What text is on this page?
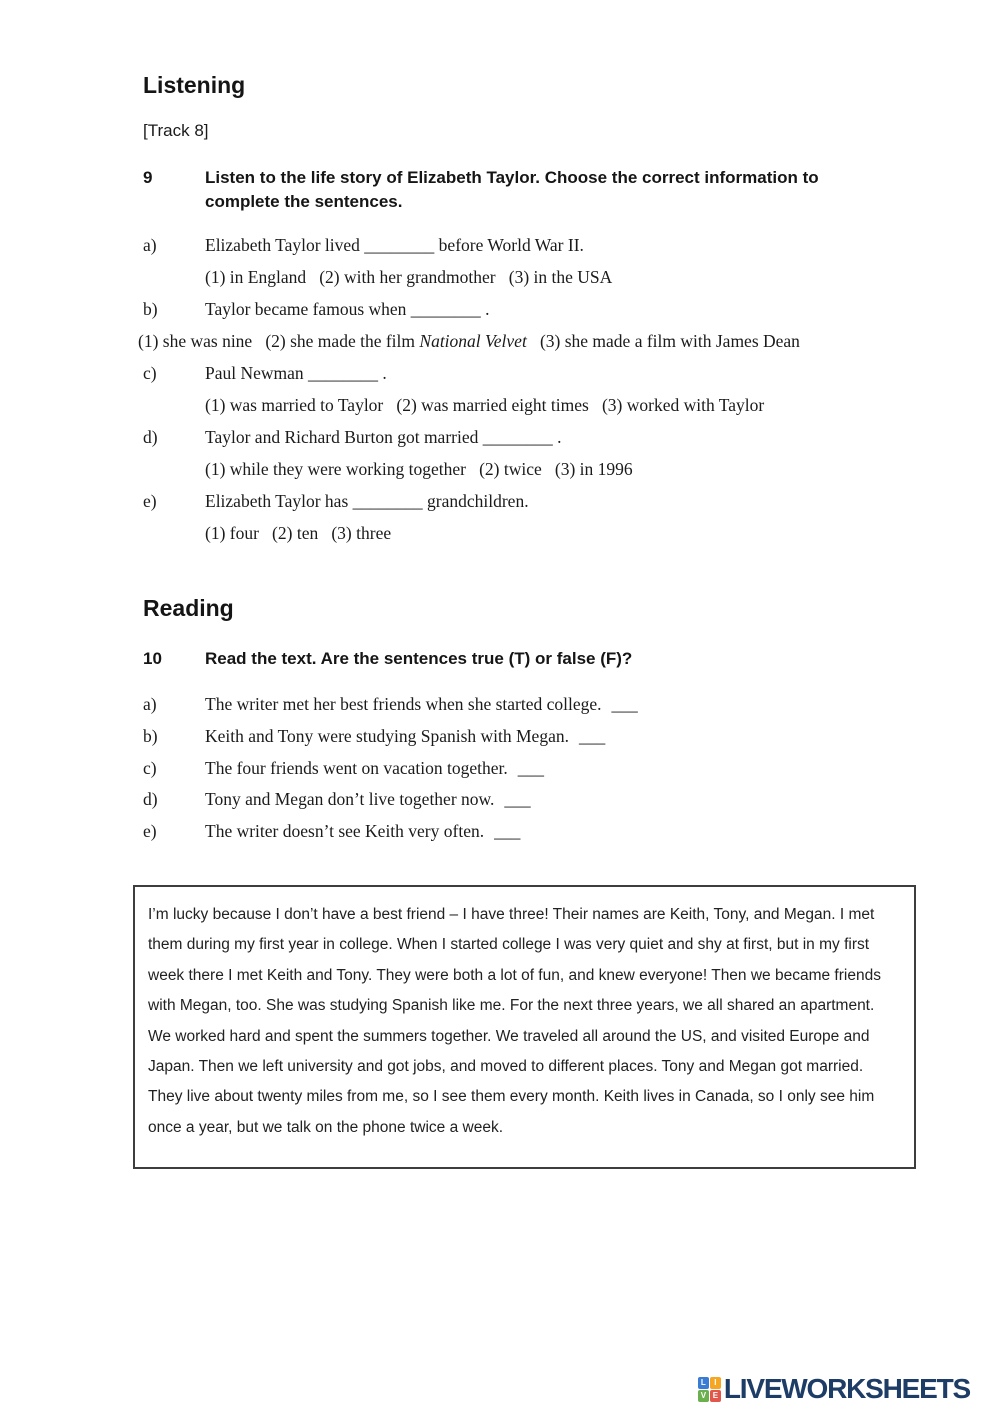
Listening
[Track 8]
9	Listen to the life story of Elizabeth Taylor. Choose the correct information to complete the sentences.
a)	Elizabeth Taylor lived ________ before World War II.
(1) in England   (2) with her grandmother   (3) in the USA
b)	Taylor became famous when ________ .
(1) she was nine   (2) she made the film National Velvet (3) she made a film with James Dean
c)	Paul Newman ________ .
(1) was married to Taylor   (2) was married eight times   (3) worked with Taylor
d)	Taylor and Richard Burton got married ________ .
(1) while they were working together   (2) twice   (3) in 1996
e)	Elizabeth Taylor has ________ grandchildren.
(1) four   (2) ten   (3) three
Reading
10	Read the text. Are the sentences true (T) or false (F)?
a)	The writer met her best friends when she started college. ___
b)	Keith and Tony were studying Spanish with Megan. ___
c)	The four friends went on vacation together. ___
d)	Tony and Megan don’t live together now. ___
e)	The writer doesn’t see Keith very often. ___
I’m lucky because I don’t have a best friend – I have three! Their names are Keith, Tony, and Megan. I met them during my first year in college. When I started college I was very quiet and shy at first, but in my first week there I met Keith and Tony. They were both a lot of fun, and knew everyone! Then we became friends with Megan, too. She was studying Spanish like me. For the next three years, we all shared an apartment. We worked hard and spent the summers together. We traveled all around the US, and visited Europe and Japan. Then we left university and got jobs, and moved to different places. Tony and Megan got married. They live about twenty miles from me, so I see them every month. Keith lives in Canada, so I only see him once a year, but we talk on the phone twice a week.
L	I
V E LIVEWORKSHEETS
